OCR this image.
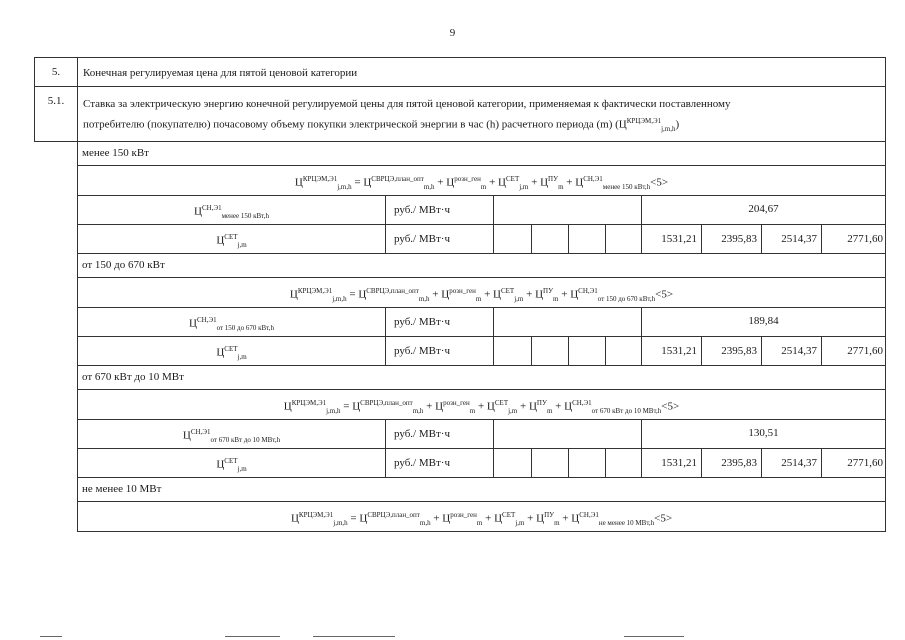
9
5.	Конечная регулируемая цена для пятой ценовой категории
5.1.	Ставка за электрическую энергию конечной регулируемой цены для пятой ценовой категории, применяемая к фактически поставленному
потребителю (покупателю) почасовому объему покупки электрической энергии в час (h) расчетного периода (m) $(Ц^{КРЦЭМ,Э1}_{j,m,h})$
менее 150 кВт
$Ц^{КРЦЭМ,Э1}_{j,m,h} = Ц^{СВРЦЭ,план\_опт}_{m,h} + Ц^{розн\_ген}_m + Ц^{СЕТ}_{j,m} + Ц^{ПУ}_m + Ц^{СН,Э1}_{менее 150 кВт,h}<5>$
$Ц^{СН,Э1}_{менее 150 кВт,h}$	руб./ МВт·ч	204,67
$Ц^{СЕТ}_{j,m}$	руб./ МВт·ч	1531,21	2395,83	2514,37	2771,60
от 150 до 670 кВт
$Ц^{КРЦЭМ,Э1}_{j,m,h} = Ц^{СВРЦЭ,план\_опт}_{m,h} + Ц^{розн\_ген}_m + Ц^{СЕТ}_{j,m} + Ц^{ПУ}_m + Ц^{СН,Э1}_{от 150 до 670 кВт,h}<5>$
$Ц^{СН,Э1}_{от 150 до 670 кВт,h}$	руб./ МВт·ч	189,84
$Ц^{СЕТ}_{j,m}$	руб./ МВт·ч	1531,21	2395,83	2514,37	2771,60
от 670 кВт до 10 МВт
$Ц^{КРЦЭМ,Э1}_{j,m,h} = Ц^{СВРЦЭ,план\_опт}_{m,h} + Ц^{розн\_ген}_m + Ц^{СЕТ}_{j,m} + Ц^{ПУ}_m + Ц^{СН,Э1}_{от 670 кВт до 10 МВт,h}<5>$
$Ц^{СН,Э1}_{от 670 кВт до 10 МВт,h}$	руб./ МВт·ч	130,51
$Ц^{СЕТ}_{j,m}$	руб./ МВт·ч	1531,21	2395,83	2514,37	2771,60
не менее 10 МВт
$Ц^{КРЦЭМ,Э1}_{j,m,h} = Ц^{СВРЦЭ,план\_опт}_{m,h} + Ц^{розн\_ген}_m + Ц^{СЕТ}_{j,m} + Ц^{ПУ}_m + Ц^{СН,Э1}_{не менее 10 МВт,h}<5>$
